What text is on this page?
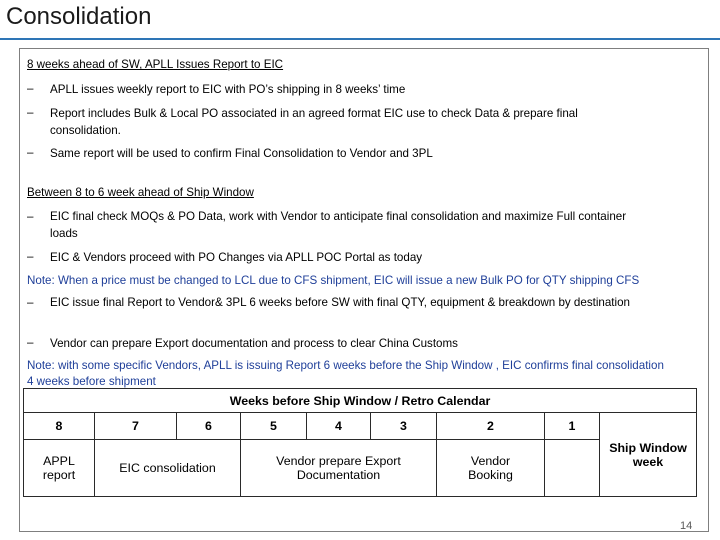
Consolidation
8 weeks ahead of SW, APLL Issues Report to EIC
– APLL issues weekly report to EIC with PO’s shipping in 8 weeks’ time
– Report includes Bulk & Local PO associated in an agreed format EIC use to check Data & prepare final consolidation.
– Same report will be used to confirm Final Consolidation to Vendor and 3PL
Between 8 to 6 week ahead of Ship Window
– EIC final check MOQs & PO Data, work with Vendor to anticipate final consolidation and maximize Full container loads
– EIC & Vendors proceed with PO Changes via APLL POC Portal as today
Note: When a price must be changed to LCL due to CFS shipment, EIC will issue a new Bulk PO for QTY shipping CFS
– EIC issue final Report to Vendor& 3PL 6 weeks before SW with final QTY, equipment & breakdown by destination
– Vendor can prepare Export documentation and process to clear China Customs
Note: with some specific Vendors, APLL is issuing Report 6 weeks before the Ship Window , EIC confirms final consolidation 4 weeks before shipment
Weeks before Ship Window / Retro Calendar								
8	7	6	5	4	3	2	1	Ship Window week
APPL report	EIC consolidation		Vendor prepare Export Documentation			Vendor Booking		
14
